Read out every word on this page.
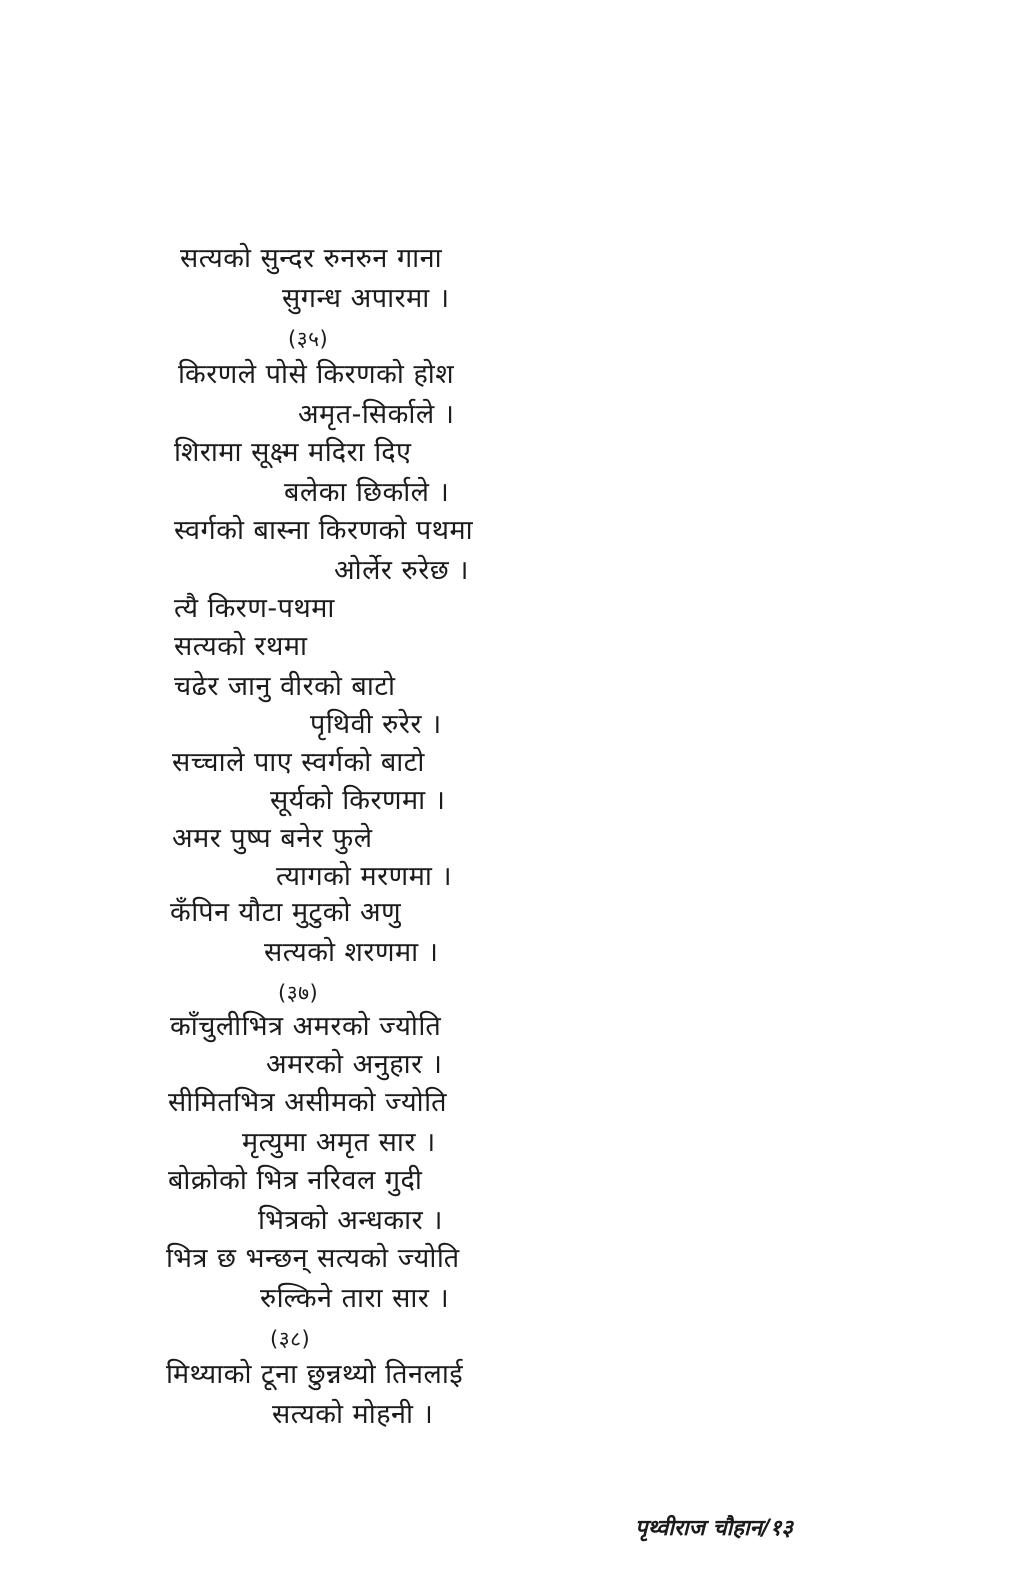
सत्यको सुन्दर रुनरुन गाना
सुगन्ध अपारमा ।
(३५)
किरणले पोसे किरणको होश
अमृत-सिर्काले ।
शिरामा सूक्ष्म मदिरा दिए
बलेका छिर्काले ।
स्वर्गको बास्ना किरणको पथमा
ओर्लेर रुरेछ ।
त्यै किरण-पथमा
सत्यको रथमा
चढेर जानु वीरको बाटो
पृथिवी रुरेर ।
सच्चाले पाए स्वर्गको बाटो
सूर्यको किरणमा ।
अमर पुष्प बनेर फुले
त्यागको मरणमा ।
कँपिन यौटा मुटुको अणु
सत्यको शरणमा ।
(३७)
काँचुलीभित्र अमरको ज्योति
अमरको अनुहार ।
सीमितभित्र असीमको ज्योति
मृत्युमा अमृत सार ।
बोक्रोको भित्र नरिवल गुदी
भित्रको अन्धकार ।
भित्र छ भन्छन् सत्यको ज्योति
रुल्किने तारा सार ।
(३८)
मिथ्याको टूना छुन्नथ्यो तिनलाई
सत्यको मोहनी ।
पृथ्वीराज चौहान/१३
